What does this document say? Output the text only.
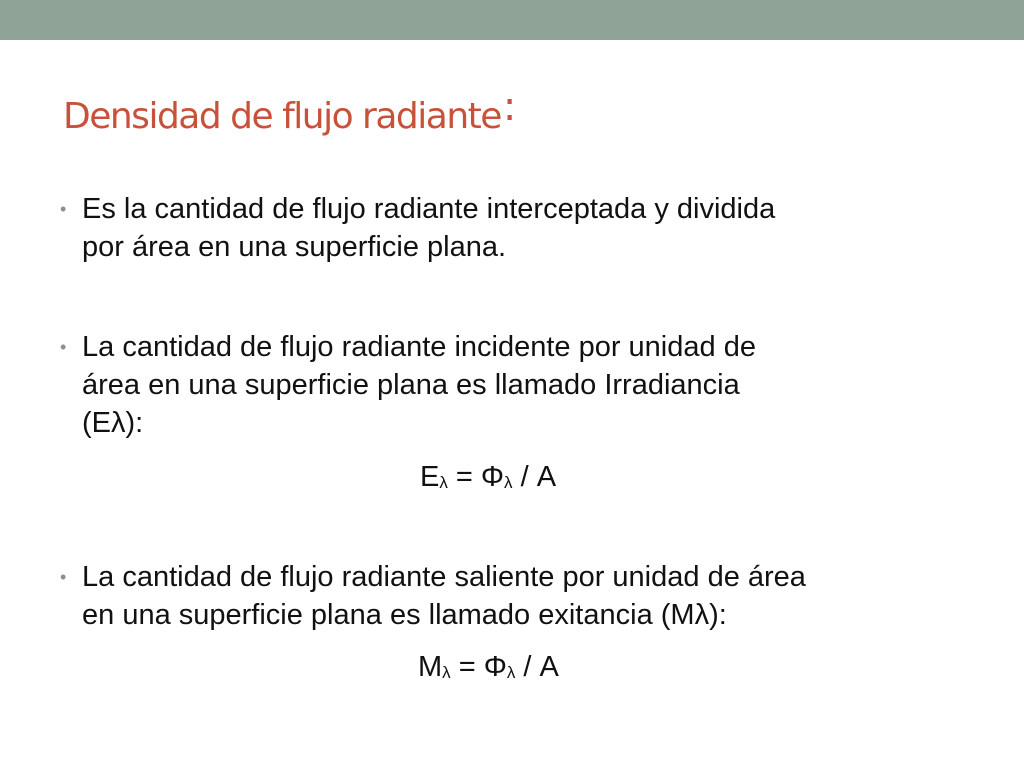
Densidad de flujo radiante:
• Es la cantidad de flujo radiante interceptada y dividida
por área en una superficie plana.
• La cantidad de flujo radiante incidente por unidad de
área en una superficie plana es llamado Irradiancia
(Eλ):
$E_\lambda = \Phi_\lambda / A$
• La cantidad de flujo radiante saliente por unidad de área
en una superficie plana es llamado exitancia (Mλ):
$M_\lambda = \Phi_\lambda / A$
